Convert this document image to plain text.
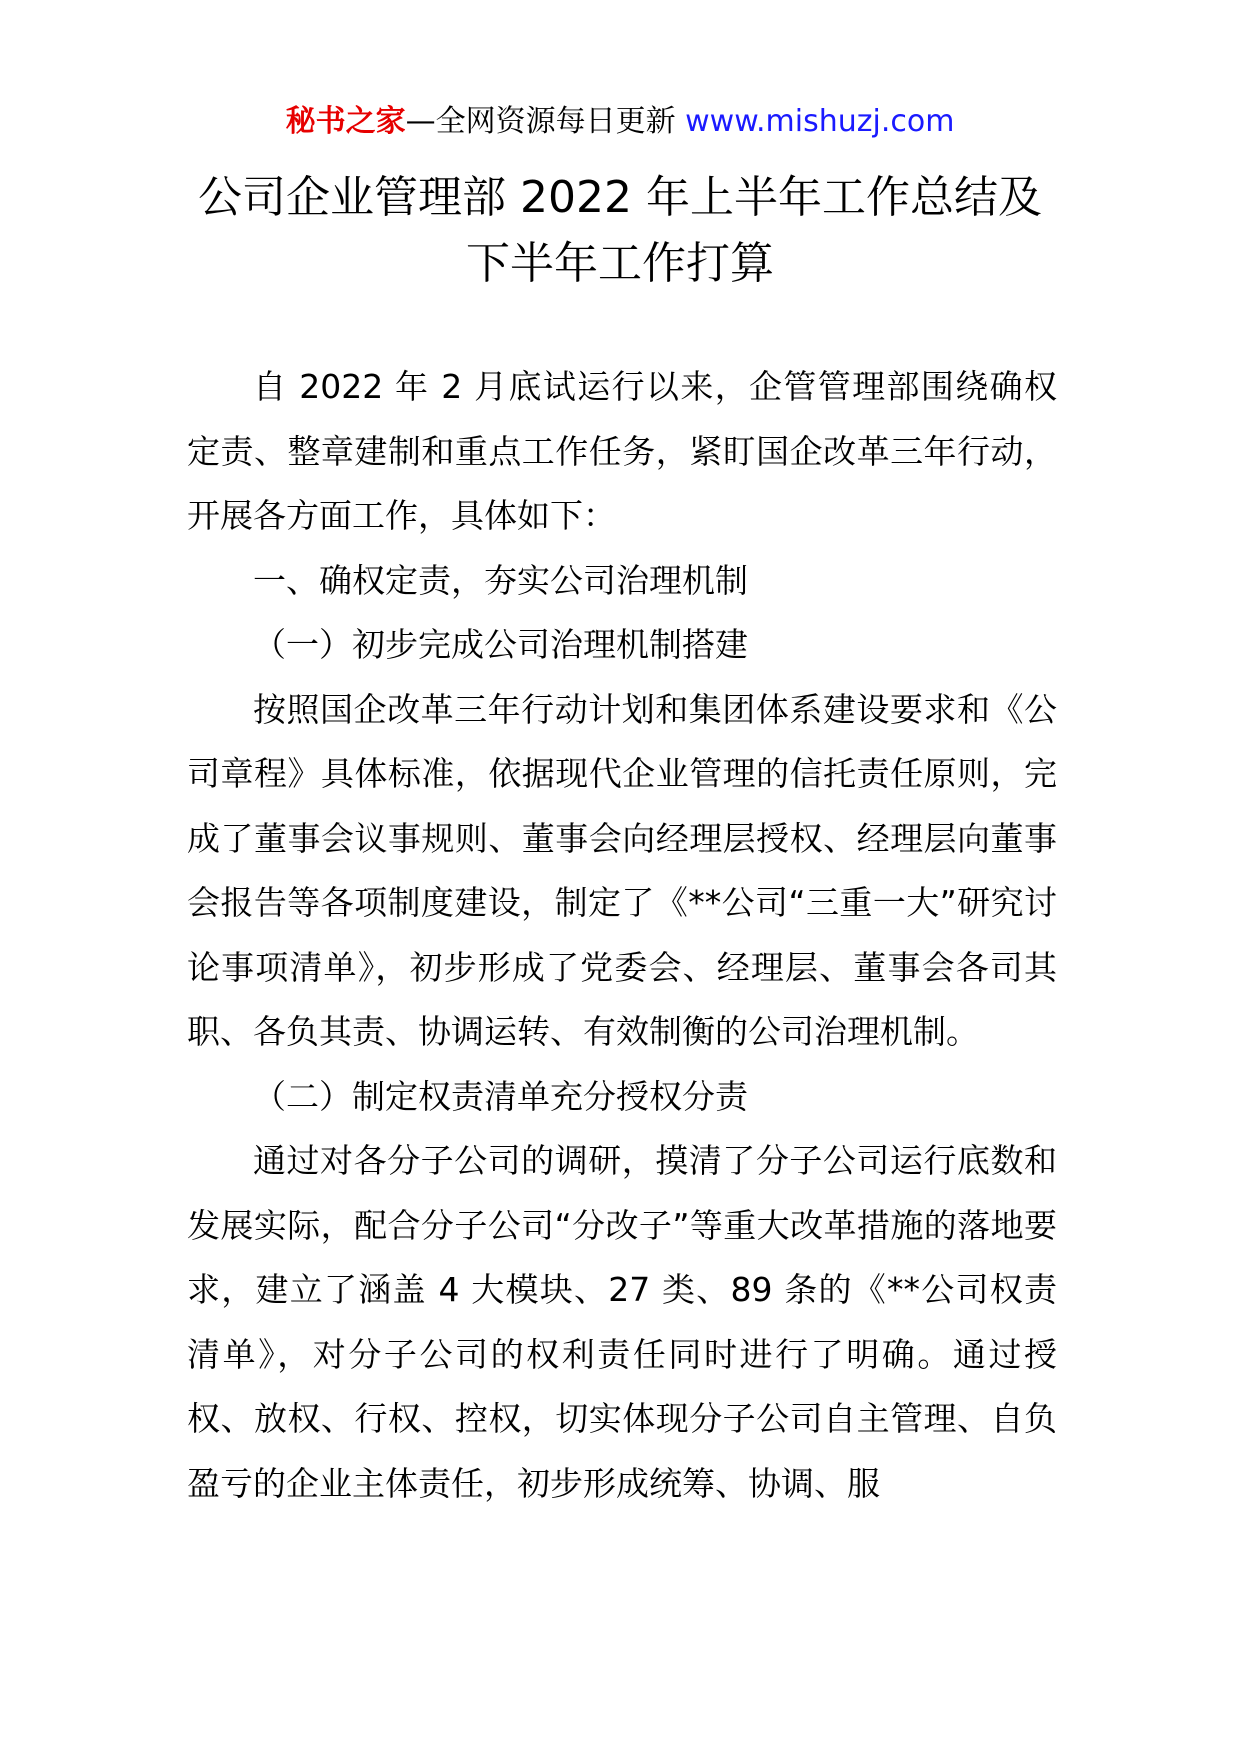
秘书之家—全网资源每日更新 www.mishuzj.com
公司企业管理部 2022 年上半年工作总结及
下半年工作打算

自 2022 年 2 月底试运行以来，企管管理部围绕确权定责、整章建制和重点工作任务，紧盯国企改革三年行动，开展各方面工作，具体如下：

一、确权定责，夯实公司治理机制

（一）初步完成公司治理机制搭建

按照国企改革三年行动计划和集团体系建设要求和《公司章程》具体标准，依据现代企业管理的信托责任原则，完成了董事会议事规则、董事会向经理层授权、经理层向董事会报告等各项制度建设，制定了《**公司“三重一大”研究讨论事项清单》，初步形成了党委会、经理层、董事会各司其职、各负其责、协调运转、有效制衡的公司治理机制。

（二）制定权责清单充分授权分责

通过对各分子公司的调研，摸清了分子公司运行底数和发展实际，配合分子公司“分改子”等重大改革措施的落地要求，建立了涵盖 4 大模块、27 类、89 条的《**公司权责清单》，对分子公司的权利责任同时进行了明确。通过授权、放权、行权、控权，切实体现分子公司自主管理、自负盈亏的企业主体责任，初步形成统筹、协调、服
